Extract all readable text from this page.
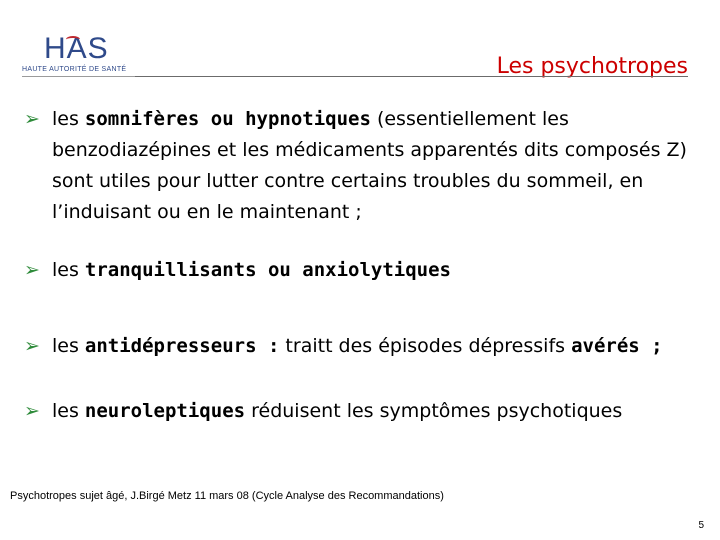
HAS
HAUTE AUTORITÉ DE SANTÉ	Les psychotropes
➢ les somnifères ou hypnotiques (essentiellement les benzodiazépines et les médicaments apparentés dits composés Z) sont utiles pour lutter contre certains troubles du sommeil, en l’induisant ou en le maintenant ;
➢ les tranquillisants ou anxiolytiques
➢ les antidépresseurs : traitt des épisodes dépressifs avérés ;
➢ les neuroleptiques réduisent les symptômes psychotiques
Psychotropes sujet âgé, J.Birgé Metz 11 mars 08 (Cycle Analyse des Recommandations)
5
